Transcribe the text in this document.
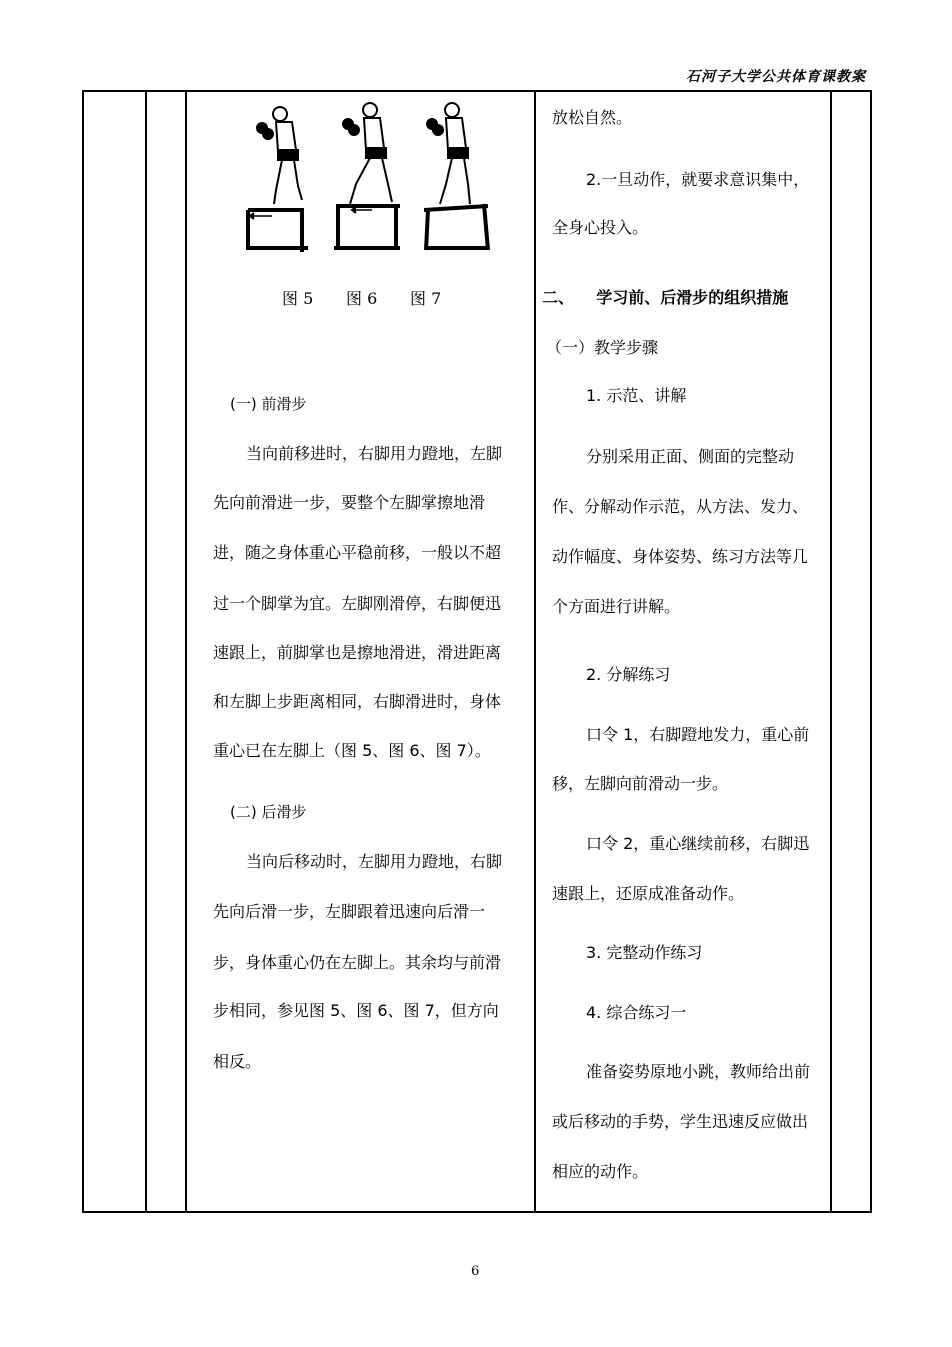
石河子大学公共体育课教案
图 5 图 6 图 7
(一) 前滑步
当向前移进时，右脚用力蹬地，左脚
先向前滑进一步，要整个左脚掌擦地滑
进，随之身体重心平稳前移，一般以不超
过一个脚掌为宜。左脚刚滑停，右脚便迅
速跟上，前脚掌也是擦地滑进，滑进距离
和左脚上步距离相同，右脚滑进时，身体
重心已在左脚上（图 5、图 6、图 7）。
(二) 后滑步
当向后移动时，左脚用力蹬地，右脚
先向后滑一步，左脚跟着迅速向后滑一
步，身体重心仍在左脚上。其余均与前滑
步相同，参见图 5、图 6、图 7，但方向
相反。
放松自然。
2.一旦动作，就要求意识集中，
全身心投入。
二、    学习前、后滑步的组织措施
（一）教学步骤
1. 示范、讲解
分别采用正面、侧面的完整动
作、分解动作示范，从方法、发力、
动作幅度、身体姿势、练习方法等几
个方面进行讲解。
2. 分解练习
口令 1，右脚蹬地发力，重心前
移，左脚向前滑动一步。
口令 2，重心继续前移，右脚迅
速跟上，还原成准备动作。
3. 完整动作练习
4. 综合练习一
准备姿势原地小跳，教师给出前
或后移动的手势，学生迅速反应做出
相应的动作。
6
